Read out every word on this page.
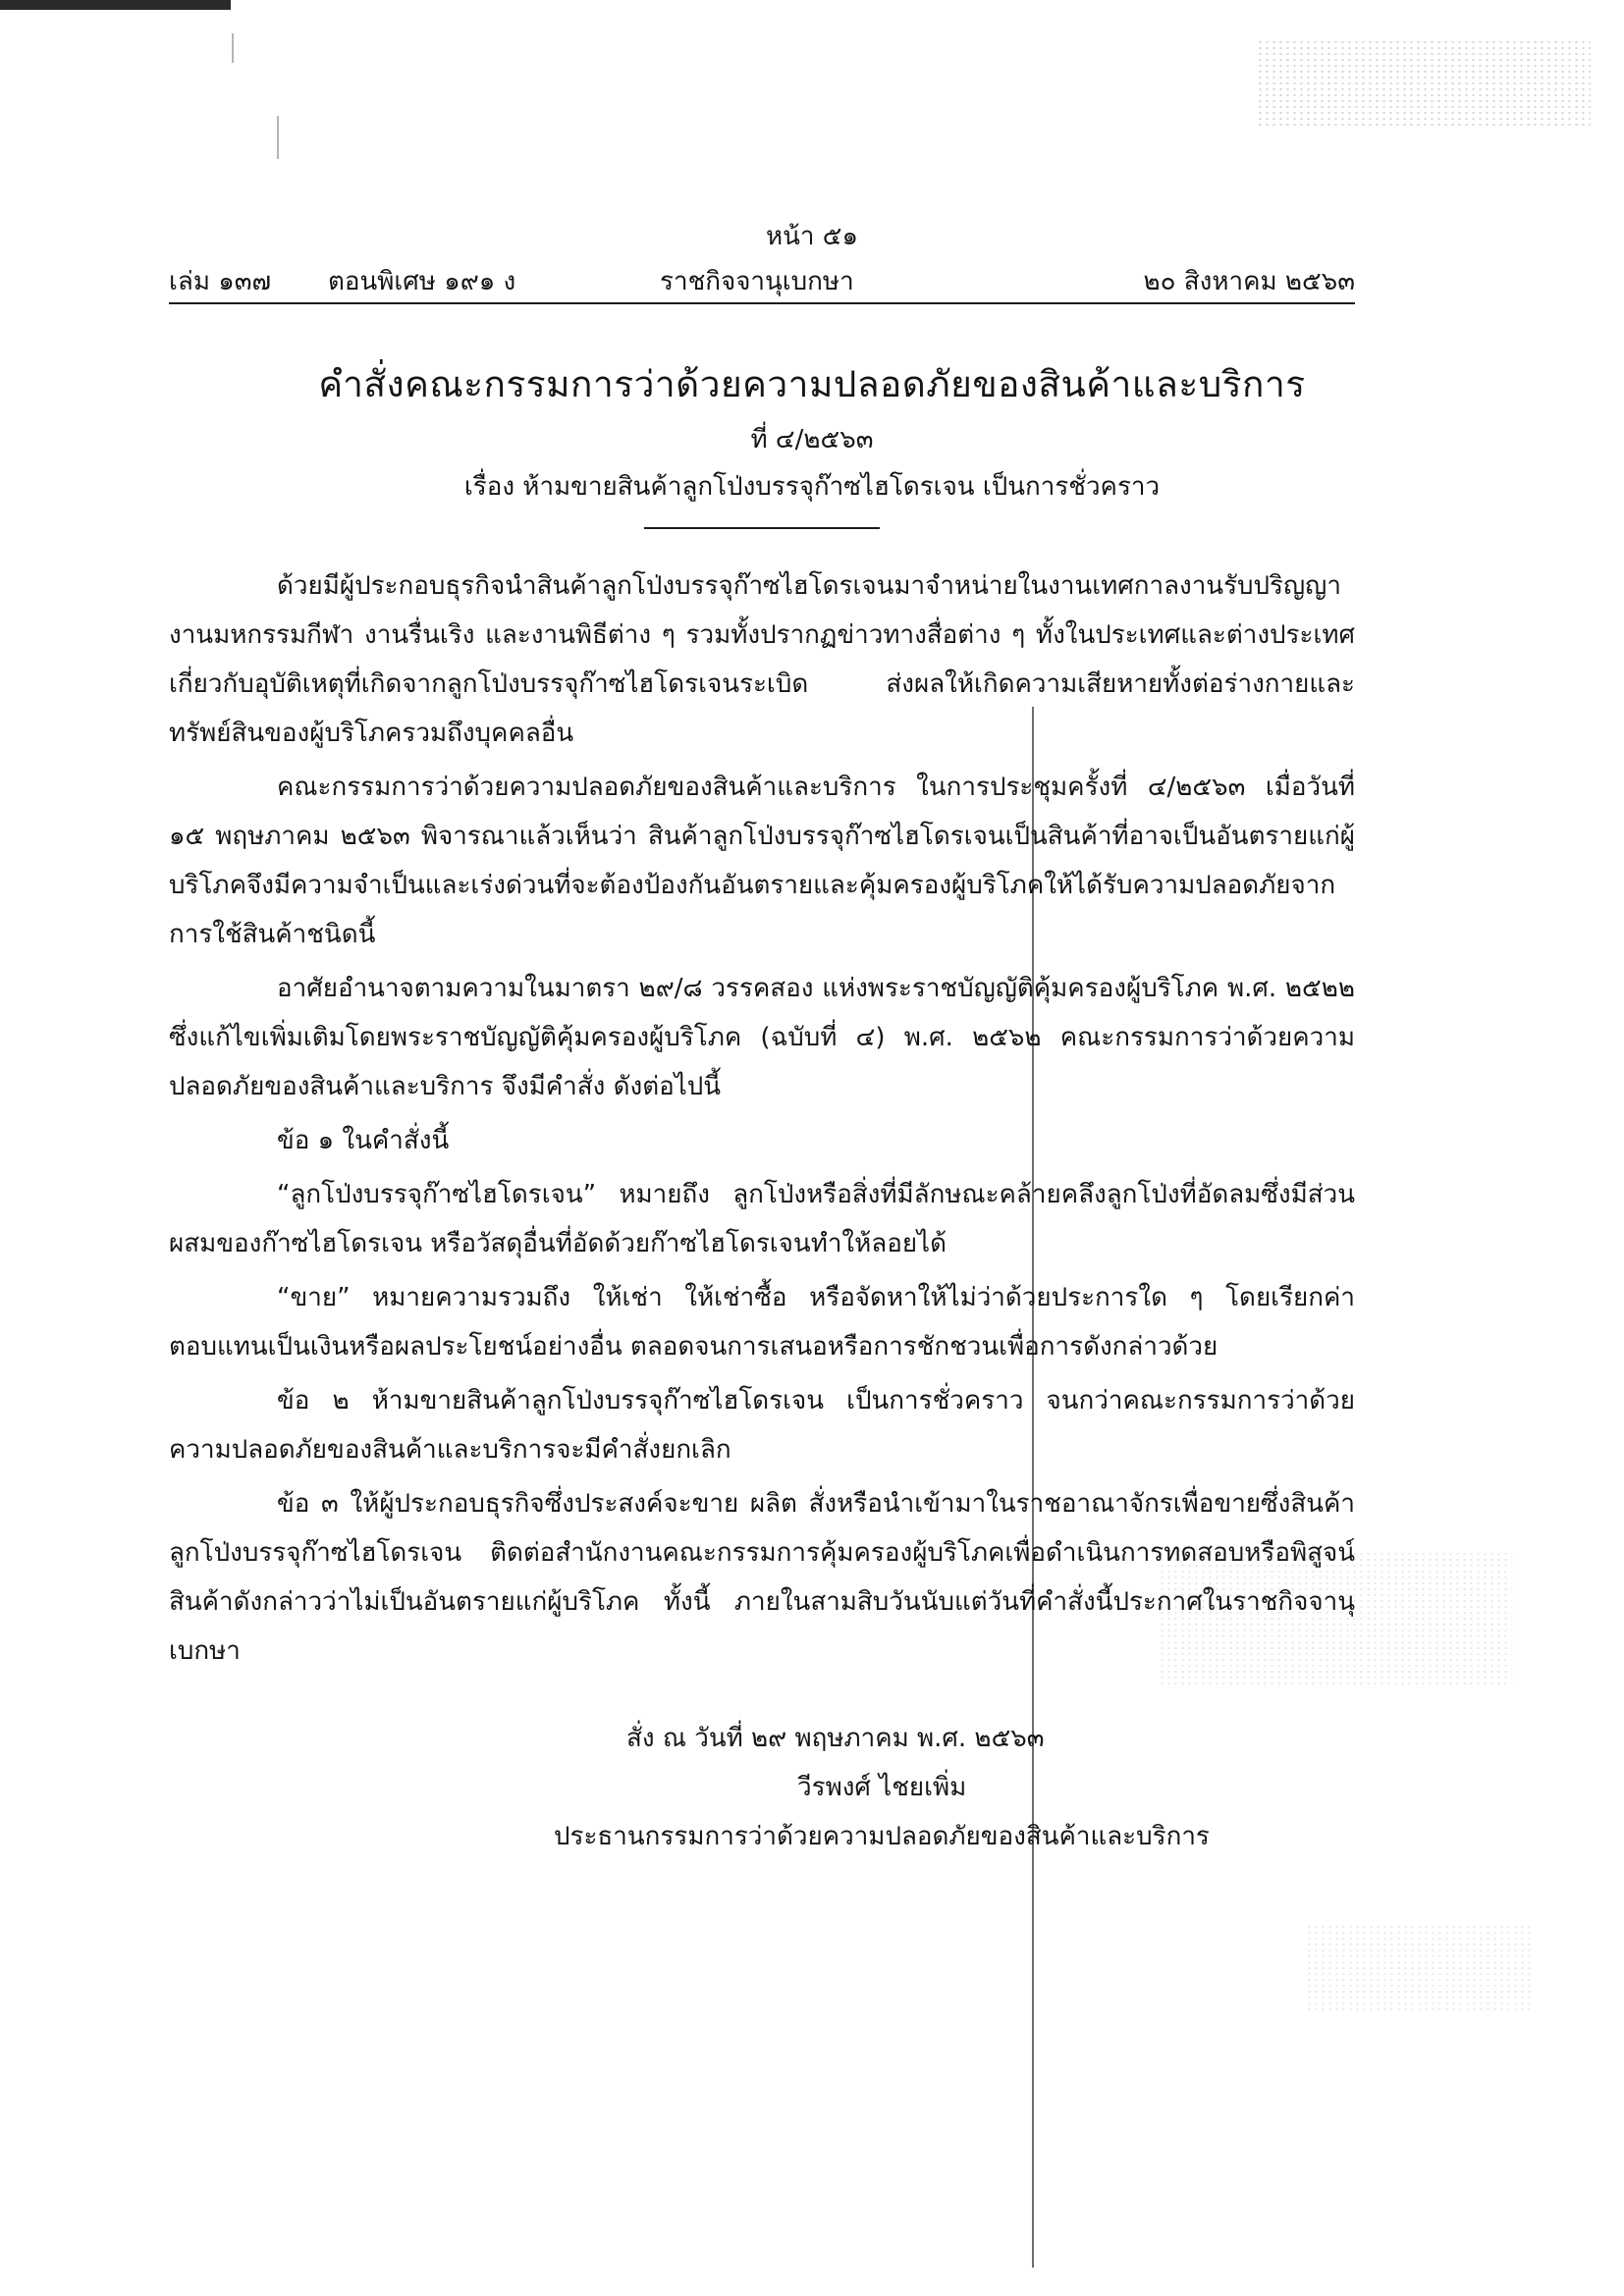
หน้า ๕๑
เล่ม ๑๓๗ ตอนพิเศษ ๑๙๑ ง	ราชกิจจานุเบกษา	๒๐ สิงหาคม ๒๕๖๓
คำสั่งคณะกรรมการว่าด้วยความปลอดภัยของสินค้าและบริการ
ที่ ๔/๒๕๖๓
เรื่อง ห้ามขายสินค้าลูกโป่งบรรจุก๊าซไฮโดรเจน เป็นการชั่วคราว

ด้วยมีผู้ประกอบธุรกิจนำสินค้าลูกโป่งบรรจุก๊าซไฮโดรเจนมาจำหน่ายในงานเทศกาลงานรับปริญญา งานมหกรรมกีฬา งานรื่นเริง และงานพิธีต่าง ๆ รวมทั้งปรากฏข่าวทางสื่อต่าง ๆ ทั้งในประเทศและต่างประเทศเกี่ยวกับอุบัติเหตุที่เกิดจากลูกโป่งบรรจุก๊าซไฮโดรเจนระเบิด ส่งผลให้เกิดความเสียหายทั้งต่อร่างกายและทรัพย์สินของผู้บริโภครวมถึงบุคคลอื่น

คณะกรรมการว่าด้วยความปลอดภัยของสินค้าและบริการ ในการประชุมครั้งที่ ๔/๒๕๖๓ เมื่อวันที่ ๑๕ พฤษภาคม ๒๕๖๓ พิจารณาแล้วเห็นว่า สินค้าลูกโป่งบรรจุก๊าซไฮโดรเจนเป็นสินค้าที่อาจเป็นอันตรายแก่ผู้บริโภคจึงมีความจำเป็นและเร่งด่วนที่จะต้องป้องกันอันตรายและคุ้มครองผู้บริโภคให้ได้รับความปลอดภัยจากการใช้สินค้าชนิดนี้

อาศัยอำนาจตามความในมาตรา ๒๙/๘ วรรคสอง แห่งพระราชบัญญัติคุ้มครองผู้บริโภค พ.ศ. ๒๕๒๒ ซึ่งแก้ไขเพิ่มเติมโดยพระราชบัญญัติคุ้มครองผู้บริโภค (ฉบับที่ ๔) พ.ศ. ๒๕๖๒ คณะกรรมการว่าด้วยความปลอดภัยของสินค้าและบริการ จึงมีคำสั่ง ดังต่อไปนี้

ข้อ ๑ ในคำสั่งนี้

“ลูกโป่งบรรจุก๊าซไฮโดรเจน” หมายถึง ลูกโป่งหรือสิ่งที่มีลักษณะคล้ายคลึงลูกโป่งที่อัดลมซึ่งมีส่วนผสมของก๊าซไฮโดรเจน หรือวัสดุอื่นที่อัดด้วยก๊าซไฮโดรเจนทำให้ลอยได้

“ขาย” หมายความรวมถึง ให้เช่า ให้เช่าซื้อ หรือจัดหาให้ไม่ว่าด้วยประการใด ๆ โดยเรียกค่าตอบแทนเป็นเงินหรือผลประโยชน์อย่างอื่น ตลอดจนการเสนอหรือการชักชวนเพื่อการดังกล่าวด้วย

ข้อ ๒ ห้ามขายสินค้าลูกโป่งบรรจุก๊าซไฮโดรเจน เป็นการชั่วคราว จนกว่าคณะกรรมการว่าด้วยความปลอดภัยของสินค้าและบริการจะมีคำสั่งยกเลิก

ข้อ ๓ ให้ผู้ประกอบธุรกิจซึ่งประสงค์จะขาย ผลิต สั่งหรือนำเข้ามาในราชอาณาจักรเพื่อขายซึ่งสินค้าลูกโป่งบรรจุก๊าซไฮโดรเจน ติดต่อสำนักงานคณะกรรมการคุ้มครองผู้บริโภคเพื่อดำเนินการทดสอบหรือพิสูจน์สินค้าดังกล่าวว่าไม่เป็นอันตรายแก่ผู้บริโภค ทั้งนี้ ภายในสามสิบวันนับแต่วันที่คำสั่งนี้ประกาศในราชกิจจานุเบกษา

สั่ง ณ วันที่ ๒๙ พฤษภาคม พ.ศ. ๒๕๖๓
วีรพงศ์ ไชยเพิ่ม
ประธานกรรมการว่าด้วยความปลอดภัยของสินค้าและบริการ
